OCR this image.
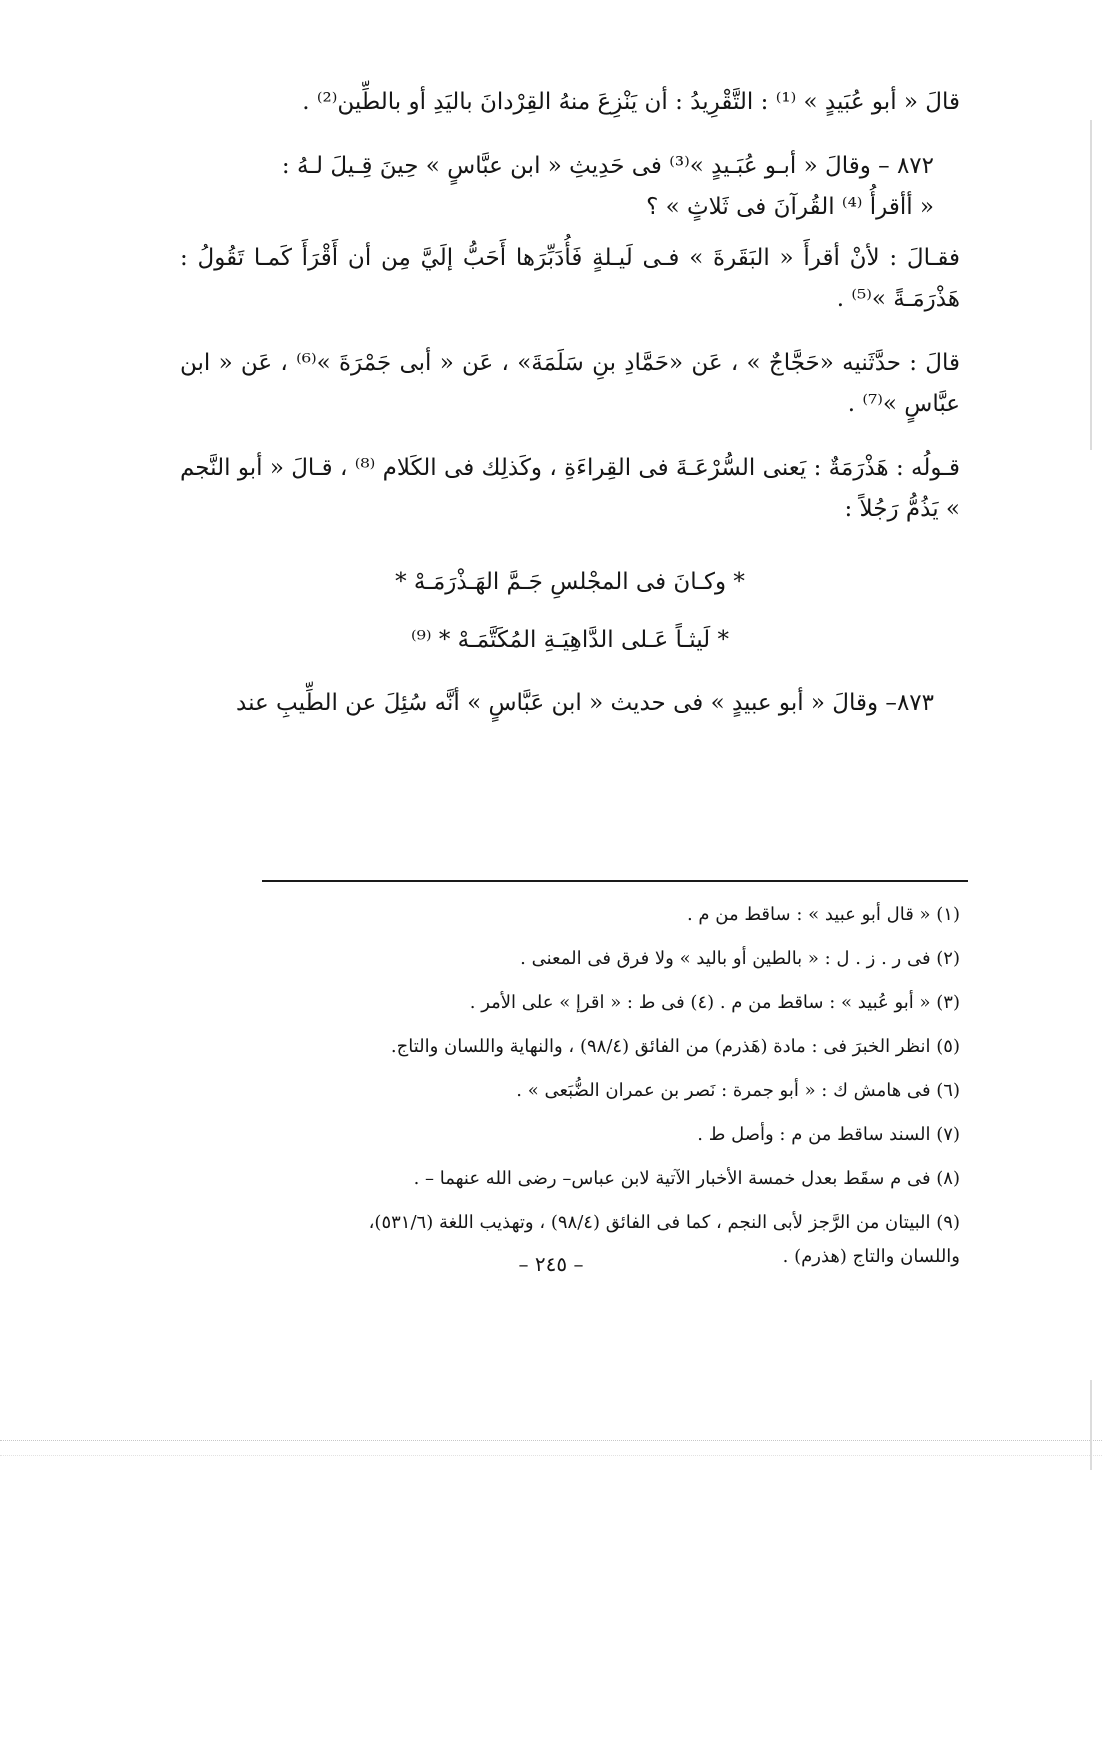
قالَ « أبو عُبَيدٍ » ⁽¹⁾ : التَّقْرِيدُ : أن يَنْزِعَ منهُ القِرْدانَ باليَدِ أو بالطِّين⁽²⁾ .

٨٧٢ – وقالَ « أبـو عُبَـيدٍ »⁽³⁾ فى حَدِيثِ « ابن عبَّاسٍ » حِينَ قِـيلَ لـهُ :
« أأقرأُ ⁽⁴⁾ القُرآنَ فى ثَلاثٍ » ؟

فقـالَ : لأنْ أقرأَ « البَقَرةَ » فـى لَيـلةٍ فَأُدَبِّرَها أَحَبُّ إلَيَّ مِن أن أَقْرَأَ كَمـا تَقُولُ : هَذْرَمَـةً »⁽⁵⁾ .

قالَ : حدَّثَنيه «حَجَّاجٌ » ، عَن «حَمَّادِ بنِ سَلَمَةَ» ، عَن « أبى جَمْرَةَ »⁽⁶⁾ ، عَن « ابن عبَّاسٍ »⁽⁷⁾ .

قـولُه : هَذْرَمَةٌ : يَعنى السُّرْعَـةَ فى القِراءَةِ ، وكَذلِك فى الكَلام ⁽⁸⁾ ، قـالَ « أبو النَّجم » يَذُمُّ رَجُلاً :

* وكـانَ فى المجْلسِ جَـمَّ الهَـذْرَمَـهْ *

* لَيثـاً عَـلى الدَّاهِيَـةِ المُكَتَّمَـهْ * ⁽⁹⁾

٨٧٣– وقالَ « أبو عبيدٍ » فى حديث « ابن عَبَّاسٍ » أنَّه سُئِلَ عن الطِّيبِ عند

(١) « قال أبو عبيد » : ساقط من م .

(٢) فى ر . ز . ل : « بالطين أو باليد » ولا فرق فى المعنى .

(٣) « أبو عُبيد » : ساقط من م . (٤) فى ط : « اقرإ » على الأمر .

(٥) انظر الخبرَ فى : مادة (هَذرم) من الفائق (٩٨/٤) ، والنهاية واللسان والتاج.

(٦) فى هامش ك : « أبو جمرة : نَصر بن عمران الضُّبَعى » .

(٧) السند ساقط من م : وأصل ط .

(٨) فى م سقَط بعدل خمسة الأخبار الآتية لابن عباس– رضى الله عنهما – .

(٩) البيتان من الرَّجز لأبى النجم ، كما فى الفائق (٩٨/٤) ، وتهذيب اللغة (٥٣١/٦)،

واللسان والتاج (هذرم) .

– ٢٤٥ –
